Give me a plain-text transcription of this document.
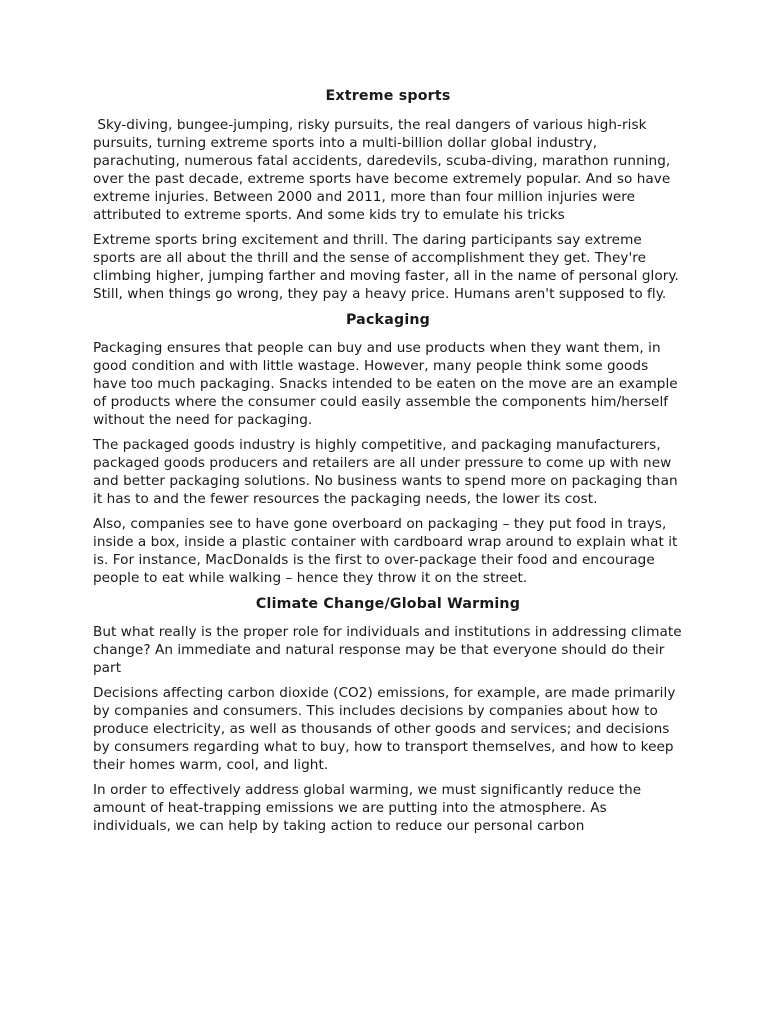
Extreme sports

Sky-diving, bungee-jumping, risky pursuits, the real dangers of various high-risk pursuits, turning extreme sports into a multi-billion dollar global industry, parachuting, numerous fatal accidents, daredevils, scuba-diving, marathon running, over the past decade, extreme sports have become extremely popular. And so have extreme injuries. Between 2000 and 2011, more than four million injuries were attributed to extreme sports. And some kids try to emulate his tricks

Extreme sports bring excitement and thrill. The daring participants say extreme sports are all about the thrill and the sense of accomplishment they get. They're climbing higher, jumping farther and moving faster, all in the name of personal glory. Still, when things go wrong, they pay a heavy price. Humans aren't supposed to fly.

Packaging

Packaging ensures that people can buy and use products when they want them, in good condition and with little wastage. However, many people think some goods have too much packaging. Snacks intended to be eaten on the move are an example of products where the consumer could easily assemble the components him/herself without the need for packaging.

The packaged goods industry is highly competitive, and packaging manufacturers, packaged goods producers and retailers are all under pressure to come up with new and better packaging solutions. No business wants to spend more on packaging than it has to and the fewer resources the packaging needs, the lower its cost.

Also, companies see to have gone overboard on packaging – they put food in trays, inside a box, inside a plastic container with cardboard wrap around to explain what it is. For instance, MacDonalds is the first to over-package their food and encourage people to eat while walking – hence they throw it on the street.

Climate Change/Global Warming

But what really is the proper role for individuals and institutions in addressing climate change? An immediate and natural response may be that everyone should do their part

Decisions affecting carbon dioxide (CO2) emissions, for example, are made primarily by companies and consumers. This includes decisions by companies about how to produce electricity, as well as thousands of other goods and services; and decisions by consumers regarding what to buy, how to transport themselves, and how to keep their homes warm, cool, and light.

In order to effectively address global warming, we must significantly reduce the amount of heat-trapping emissions we are putting into the atmosphere. As individuals, we can help by taking action to reduce our personal carbon
